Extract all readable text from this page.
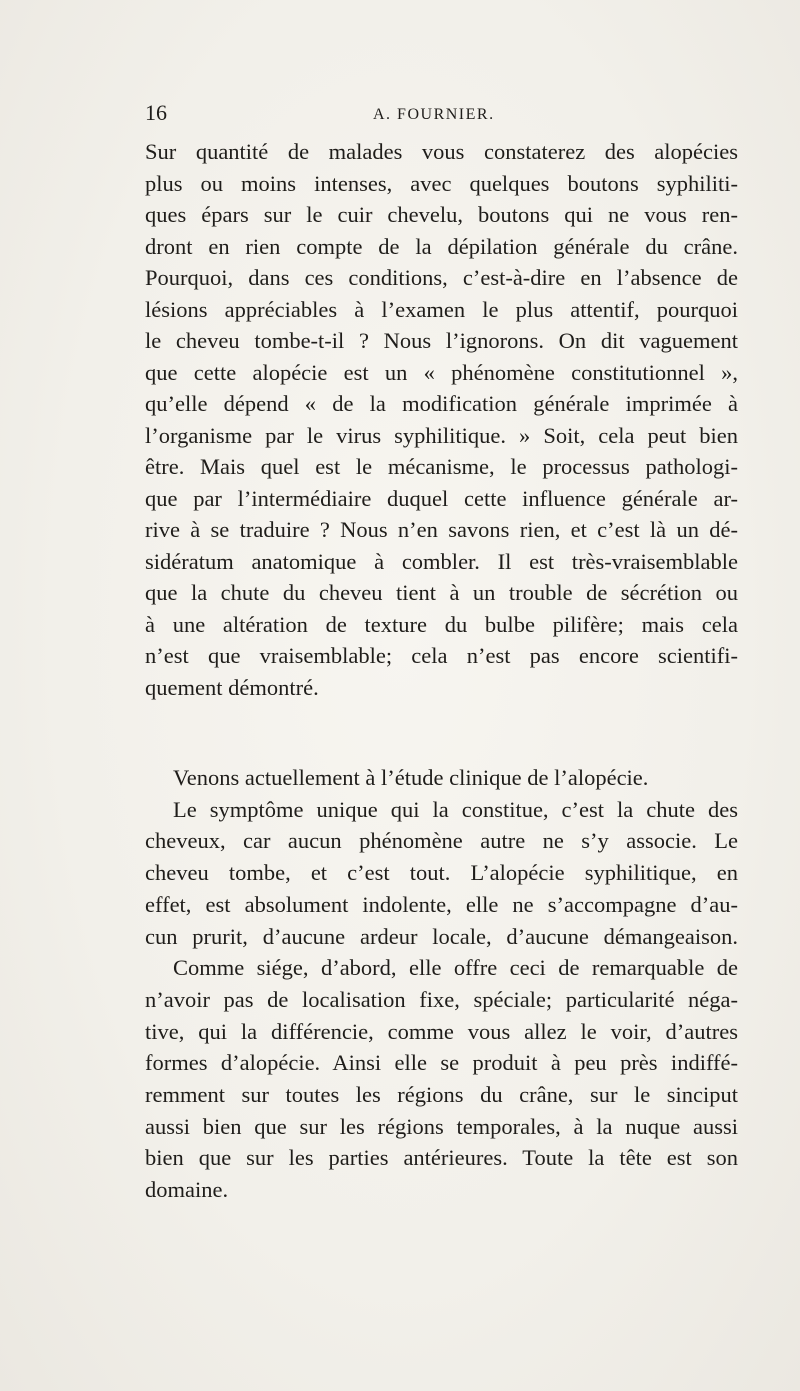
16	A. FOURNIER.
Sur quantité de malades vous constaterez des alopécies
plus ou moins intenses, avec quelques boutons syphiliti-
ques épars sur le cuir chevelu, boutons qui ne vous ren-
dront en rien compte de la dépilation générale du crâne.
Pourquoi, dans ces conditions, c’est-à-dire en l’absence de
lésions appréciables à l’examen le plus attentif, pourquoi
le cheveu tombe-t-il ? Nous l’ignorons. On dit vaguement
que cette alopécie est un « phénomène constitutionnel »,
qu’elle dépend « de la modification générale imprimée à
l’organisme par le virus syphilitique. » Soit, cela peut bien
être. Mais quel est le mécanisme, le processus pathologi-
que par l’intermédiaire duquel cette influence générale ar-
rive à se traduire ? Nous n’en savons rien, et c’est là un dé-
sidératum anatomique à combler. Il est très-vraisemblable
que la chute du cheveu tient à un trouble de sécrétion ou
à une altération de texture du bulbe pilifère; mais cela
n’est que vraisemblable; cela n’est pas encore scientifi-
quement démontré.
Venons actuellement à l’étude clinique de l’alopécie.
Le symptôme unique qui la constitue, c’est la chute des
cheveux, car aucun phénomène autre ne s’y associe. Le
cheveu tombe, et c’est tout. L’alopécie syphilitique, en
effet, est absolument indolente, elle ne s’accompagne d’au-
cun prurit, d’aucune ardeur locale, d’aucune démangeaison.
Comme siége, d’abord, elle offre ceci de remarquable de
n’avoir pas de localisation fixe, spéciale; particularité néga-
tive, qui la différencie, comme vous allez le voir, d’autres
formes d’alopécie. Ainsi elle se produit à peu près indiffé-
remment sur toutes les régions du crâne, sur le sinciput
aussi bien que sur les régions temporales, à la nuque aussi
bien que sur les parties antérieures. Toute la tête est son
domaine.
